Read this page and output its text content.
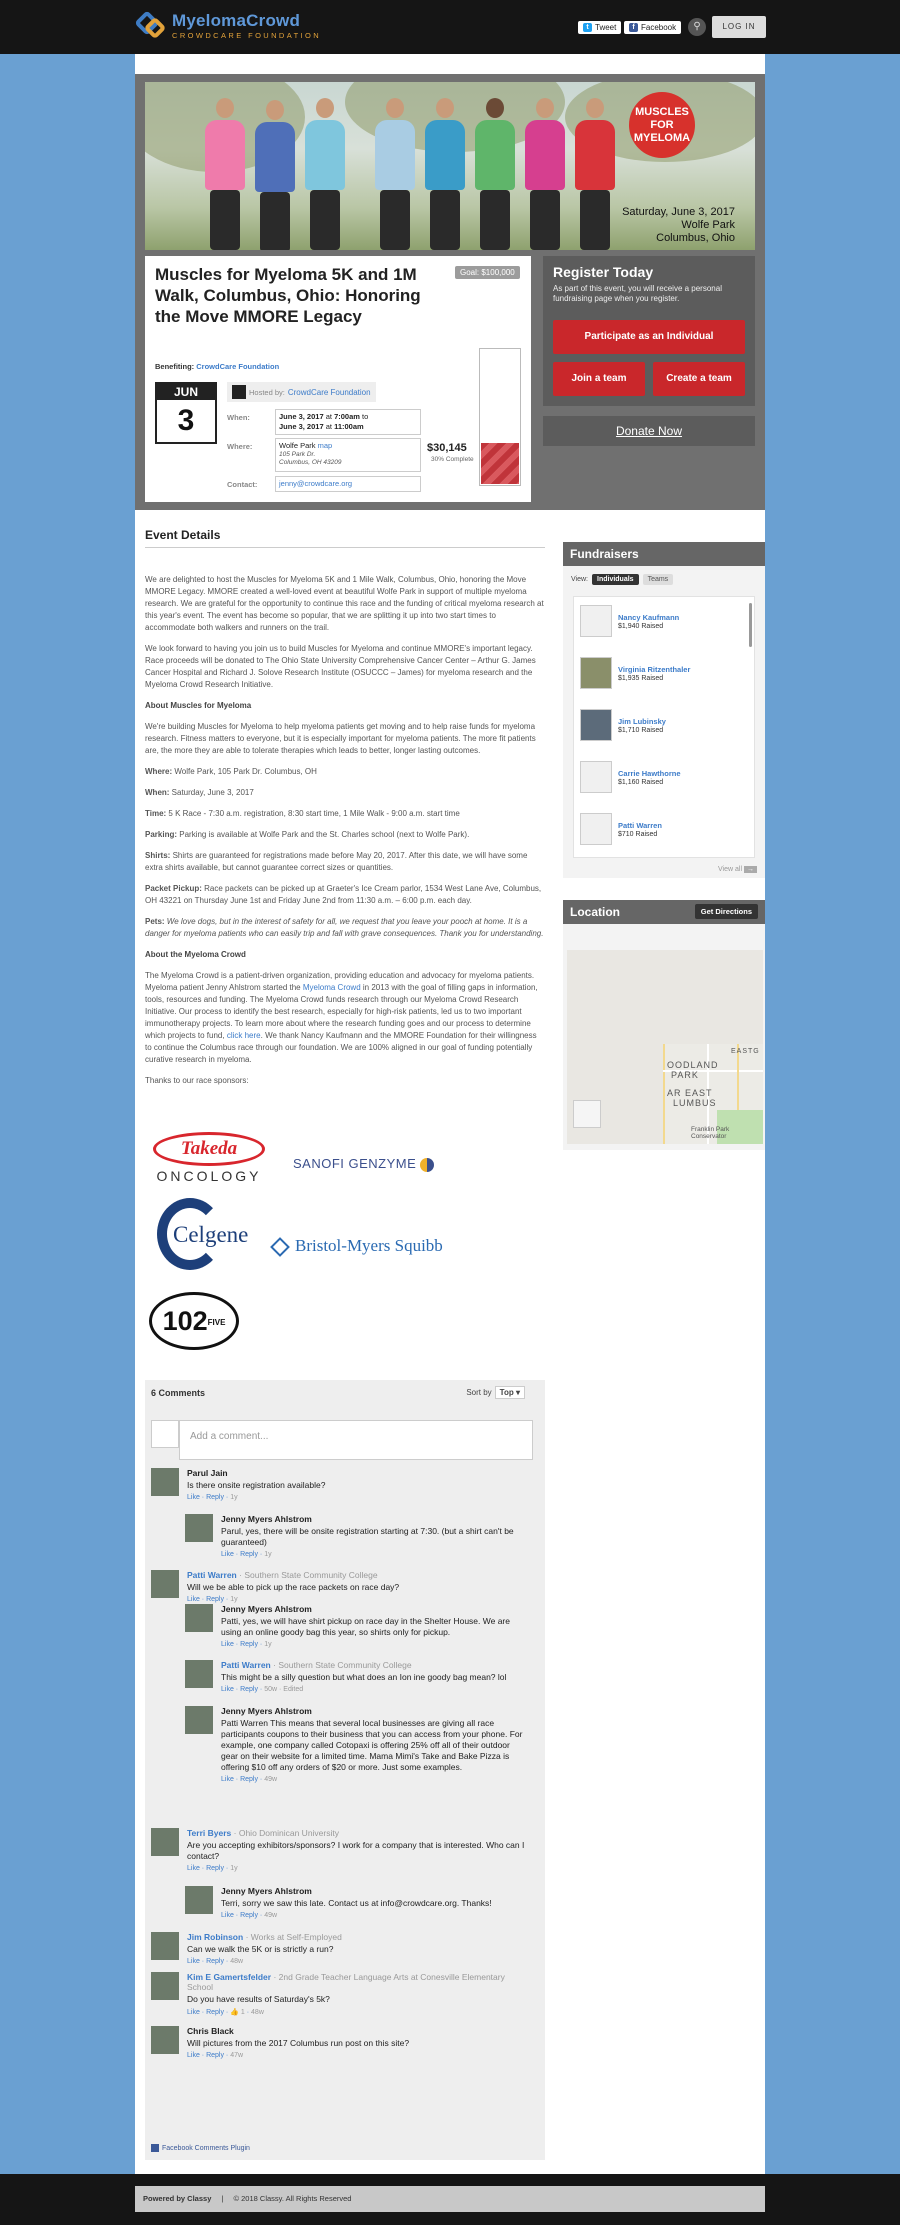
MyelomaCrowd
CROWDCARE FOUNDATION
t Tweet	f Facebook	⚲	LOG IN
MUSCLES
FOR
MYELOMA
Saturday, June 3, 2017
Wolfe Park
Columbus, Ohio
Muscles for Myeloma 5K and 1M Walk, Columbus, Ohio: Honoring the Move MMORE Legacy
Goal: $100,000
Benefiting: CrowdCare Foundation
JUN
3
Hosted by: CrowdCare Foundation
When:	June 3, 2017 at 7:00am to
June 3, 2017 at 11:00am
Where:	Wolfe Park map
105 Park Dr.
Columbus, OH 43209
Contact:	jenny@crowdcare.org
$30,145
30% Complete
Register Today

As part of this event, you will receive a personal fundraising page when you register.

Participate as an Individual
Join a team	Create a team
Donate Now
Event Details

We are delighted to host the Muscles for Myeloma 5K and 1 Mile Walk, Columbus, Ohio, honoring the Move MMORE Legacy. MMORE created a well-loved event at beautiful Wolfe Park in support of multiple myeloma research. We are grateful for the opportunity to continue this race and the funding of critical myeloma research at this year's event. The event has become so popular, that we are splitting it up into two start times to accommodate both walkers and runners on the trail.

We look forward to having you join us to build Muscles for Myeloma and continue MMORE's important legacy. Race proceeds will be donated to The Ohio State University Comprehensive Cancer Center – Arthur G. James Cancer Hospital and Richard J. Solove Research Institute (OSUCCC – James) for myeloma research and the Myeloma Crowd Research Initiative.

About Muscles for Myeloma

We're building Muscles for Myeloma to help myeloma patients get moving and to help raise funds for myeloma research. Fitness matters to everyone, but it is especially important for myeloma patients. The more fit patients are, the more they are able to tolerate therapies which leads to better, longer lasting outcomes.

Where: Wolfe Park, 105 Park Dr. Columbus, OH

When: Saturday, June 3, 2017

Time: 5 K Race - 7:30 a.m. registration, 8:30 start time, 1 Mile Walk - 9:00 a.m. start time

Parking: Parking is available at Wolfe Park and the St. Charles school (next to Wolfe Park).

Shirts: Shirts are guaranteed for registrations made before May 20, 2017. After this date, we will have some extra shirts available, but cannot guarantee correct sizes or quantities.

Packet Pickup: Race packets can be picked up at Graeter's Ice Cream parlor, 1534 West Lane Ave, Columbus, OH 43221 on Thursday June 1st and Friday June 2nd from 11:30 a.m. – 6:00 p.m. each day.

Pets: We love dogs, but in the interest of safety for all, we request that you leave your pooch at home. It is a danger for myeloma patients who can easily trip and fall with grave consequences. Thank you for understanding.

About the Myeloma Crowd

The Myeloma Crowd is a patient-driven organization, providing education and advocacy for myeloma patients. Myeloma patient Jenny Ahlstrom started the Myeloma Crowd in 2013 with the goal of filling gaps in information, tools, resources and funding. The Myeloma Crowd funds research through our Myeloma Crowd Research Initiative. Our process to identify the best research, especially for high-risk patients, led us to two important immunotherapy projects. To learn more about where the research funding goes and our process to determine which projects to fund, click here. We thank Nancy Kaufmann and the MMORE Foundation for their willingness to continue the Columbus race through our foundation. We are 100% aligned in our goal of funding potentially curative research in myeloma.

Thanks to our race sponsors:

Takeda
ONCOLOGY
SANOFI GENZYME
Celgene	Bristol-Myers Squibb
102FIVE
6 Comments	Sort by Top ▾
Add a comment...
Parul Jain
Is there onsite registration available?
Like · Reply · 1y
Jenny Myers Ahlstrom
Parul, yes, there will be onsite registration starting at 7:30. (but a shirt can't be guaranteed)
Like · Reply · 1y
Patti Warren · Southern State Community College
Will we be able to pick up the race packets on race day?
Like · Reply · 1y
Jenny Myers Ahlstrom
Patti, yes, we will have shirt pickup on race day in the Shelter House. We are using an online goody bag this year, so shirts only for pickup.
Like · Reply · 1y
Patti Warren · Southern State Community College
This might be a silly question but what does an Ion ine goody bag mean? lol
Like · Reply · 50w · Edited
Jenny Myers Ahlstrom
Patti Warren This means that several local businesses are giving all race participants coupons to their business that you can access from your phone. For example, one company called Cotopaxi is offering 25% off all of their outdoor gear on their website for a limited time. Mama Mimi's Take and Bake Pizza is offering $10 off any orders of $20 or more. Just some examples.
Like · Reply · 49w
Terri Byers · Ohio Dominican University
Are you accepting exhibitors/sponsors? I work for a company that is interested. Who can I contact?
Like · Reply · 1y
Jenny Myers Ahlstrom
Terri, sorry we saw this late. Contact us at info@crowdcare.org. Thanks!
Like · Reply · 49w
Jim Robinson · Works at Self-Employed
Can we walk the 5K or is strictly a run?
Like · Reply · 48w
Kim E Gamertsfelder · 2nd Grade Teacher Language Arts at Conesville Elementary School
Do you have results of Saturday's 5k?
Like · Reply · 👍 1 · 48w
Chris Black
Will pictures from the 2017 Columbus run post on this site?
Like · Reply · 47w
Facebook Comments Plugin
Fundraisers
View:	Individuals	Teams
Nancy Kaufmann
$1,940 Raised
Virginia Ritzenthaler
$1,935 Raised
Jim Lubinsky
$1,710 Raised
Carrie Hawthorne
$1,160 Raised
Patti Warren
$710 Raised
View all →
Location	Get Directions
OODLAND
PARK
AR EAST
LUMBUS
EASTG
Franklin Park
Conservator
Powered by Classy | © 2018 Classy. All Rights Reserved
